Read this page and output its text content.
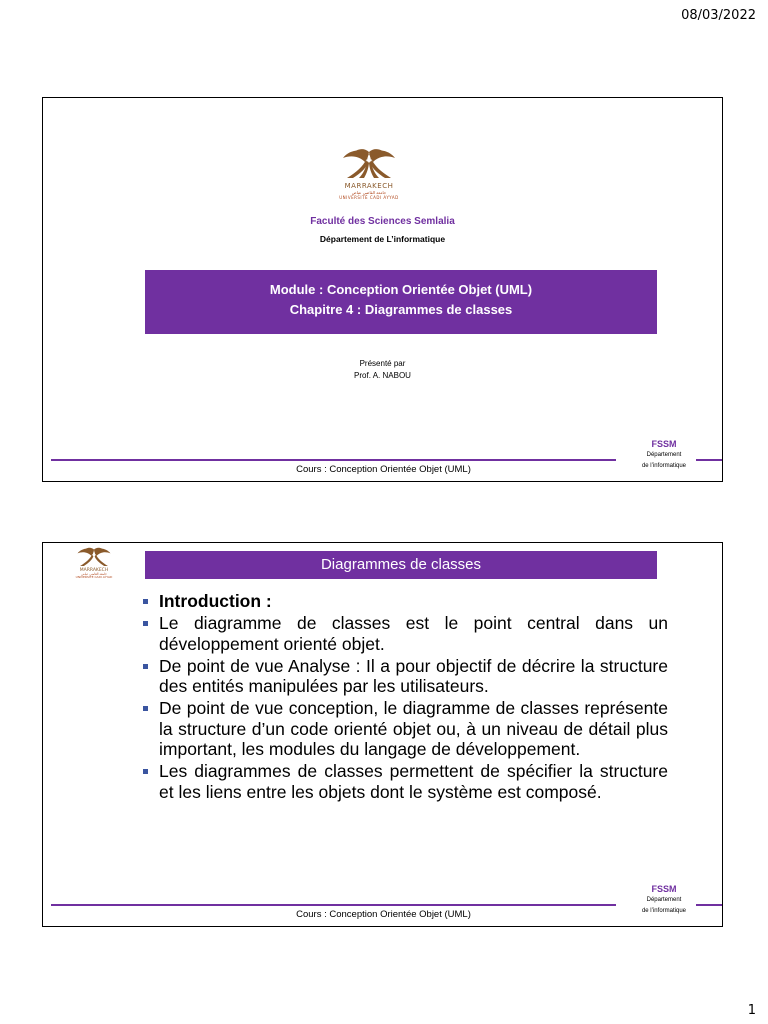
08/03/2022
MARRAKECH
جامعة القاضي عياض
UNIVERSITÉ CADI AYYAD
Faculté des Sciences Semlalia
Département de L’informatique
Module : Conception Orientée Objet (UML)
Chapitre 4 : Diagrammes de classes
Présenté par
Prof. A. NABOU
FSSM
Département
de l’informatique
Cours : Conception Orientée Objet (UML)
MARRAKECH
جامعة القاضي عياض
UNIVERSITÉ CADI AYYAD
Diagrammes de classes
Introduction :
Le diagramme de classes est le point central dans un développement orienté objet.
De point de vue Analyse : Il a pour objectif de décrire la structure des entités manipulées par les utilisateurs.
De point de vue conception, le diagramme de classes représente la structure d’un code orienté objet ou, à un niveau de détail plus important, les modules du langage de développement.
Les diagrammes de classes permettent de spécifier la structure et les liens entre les objets dont le système est composé.
FSSM
Département
de l’informatique
Cours : Conception Orientée Objet (UML)
1
